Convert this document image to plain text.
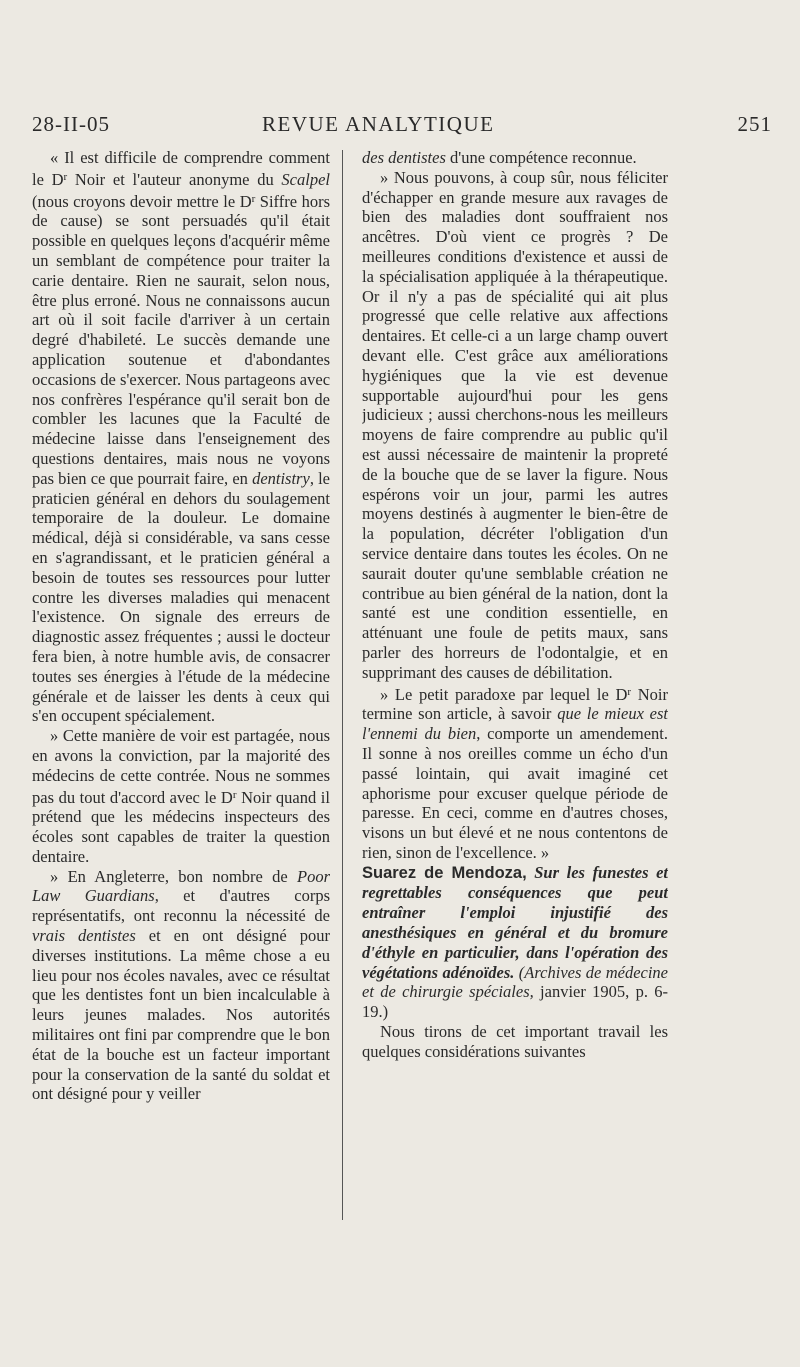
28-II-05	REVUE ANALYTIQUE	251

« Il est difficile de comprendre comment le $D^r$ Noir et l'auteur anonyme du Scalpel (nous croyons devoir mettre le $D^r$ Siffre hors de cause) se sont persuadés qu'il était possible en quelques leçons d'acquérir même un semblant de compétence pour traiter la carie dentaire. Rien ne saurait, selon nous, être plus erroné. Nous ne connaissons aucun art où il soit facile d'arriver à un certain degré d'habileté. Le succès demande une application soutenue et d'abondantes occasions de s'exercer. Nous partageons avec nos confrères l'espérance qu'il serait bon de combler les lacunes que la Faculté de médecine laisse dans l'enseignement des questions dentaires, mais nous ne voyons pas bien ce que pourrait faire, en dentistry, le praticien général en dehors du soulagement temporaire de la douleur. Le domaine médical, déjà si considérable, va sans cesse en s'agrandissant, et le praticien général a besoin de toutes ses ressources pour lutter contre les diverses maladies qui menacent l'existence. On signale des erreurs de diagnostic assez fréquentes ; aussi le docteur fera bien, à notre humble avis, de consacrer toutes ses énergies à l'étude de la médecine générale et de laisser les dents à ceux qui s'en occupent spécialement.

» Cette manière de voir est partagée, nous en avons la conviction, par la majorité des médecins de cette contrée. Nous ne sommes pas du tout d'accord avec le $D^r$ Noir quand il prétend que les médecins inspecteurs des écoles sont capables de traiter la question dentaire.

» En Angleterre, bon nombre de Poor Law Guardians, et d'autres corps représentatifs, ont reconnu la nécessité de vrais dentistes et en ont désigné pour diverses institutions. La même chose a eu lieu pour nos écoles navales, avec ce résultat que les dentistes font un bien incalculable à leurs jeunes malades. Nos autorités militaires ont fini par comprendre que le bon état de la bouche est un facteur important pour la conservation de la santé du soldat et ont désigné pour y veiller

des dentistes d'une compétence reconnue.

» Nous pouvons, à coup sûr, nous féliciter d'échapper en grande mesure aux ravages de bien des maladies dont souffraient nos ancêtres. D'où vient ce progrès ? De meilleures conditions d'existence et aussi de la spécialisation appliquée à la thérapeutique. Or il n'y a pas de spécialité qui ait plus progressé que celle relative aux affections dentaires. Et celle-ci a un large champ ouvert devant elle. C'est grâce aux améliorations hygiéniques que la vie est devenue supportable aujourd'hui pour les gens judicieux ; aussi cherchons-nous les meilleurs moyens de faire comprendre au public qu'il est aussi nécessaire de maintenir la propreté de la bouche que de se laver la figure. Nous espérons voir un jour, parmi les autres moyens destinés à augmenter le bien-être de la population, décréter l'obligation d'un service dentaire dans toutes les écoles. On ne saurait douter qu'une semblable création ne contribue au bien général de la nation, dont la santé est une condition essentielle, en atténuant une foule de petits maux, sans parler des horreurs de l'odontalgie, et en supprimant des causes de débilitation.

» Le petit paradoxe par lequel le $D^r$ Noir termine son article, à savoir que le mieux est l'ennemi du bien, comporte un amendement. Il sonne à nos oreilles comme un écho d'un passé lointain, qui avait imaginé cet aphorisme pour excuser quelque période de paresse. En ceci, comme en d'autres choses, visons un but élevé et ne nous contentons de rien, sinon de l'excellence. »

Suarez de Mendoza, Sur les funestes et regrettables conséquences que peut entraîner l'emploi injustifié des anesthésiques en général et du bromure d'éthyle en particulier, dans l'opération des végétations adénoïdes. (Archives de médecine et de chirurgie spéciales, janvier 1905, p. 6-19.)

Nous tirons de cet important travail les quelques considérations suivantes
